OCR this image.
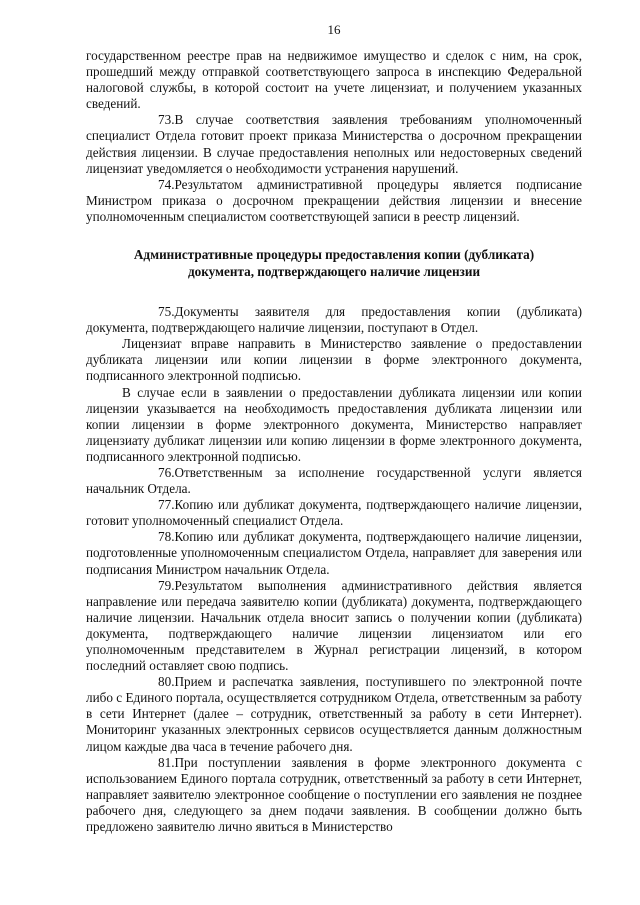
16

государственном реестре прав на недвижимое имущество и сделок с ним, на срок, прошедший между отправкой соответствующего запроса в инспекцию Федеральной налоговой службы, в которой состоит на учете лицензиат, и получением указанных сведений.

73.В случае соответствия заявления требованиям уполномоченный специалист Отдела готовит проект приказа Министерства о досрочном прекращении действия лицензии. В случае предоставления неполных или недостоверных сведений лицензиат уведомляется о необходимости устранения нарушений.

74.Результатом административной процедуры является подписание Министром приказа о досрочном прекращении действия лицензии и внесение уполномоченным специалистом соответствующей записи в реестр лицензий.

Административные процедуры предоставления копии (дубликата)
документа, подтверждающего наличие лицензии

75.Документы заявителя для предоставления копии (дубликата) документа, подтверждающего наличие лицензии, поступают в Отдел.

Лицензиат вправе направить в Министерство заявление о предоставлении дубликата лицензии или копии лицензии в форме электронного документа, подписанного электронной подписью.

В случае если в заявлении о предоставлении дубликата лицензии или копии лицензии указывается на необходимость предоставления дубликата лицензии или копии лицензии в форме электронного документа, Министерство направляет лицензиату дубликат лицензии или копию лицензии в форме электронного документа, подписанного электронной подписью.

76.Ответственным за исполнение государственной услуги является начальник Отдела.

77.Копию или дубликат документа, подтверждающего наличие лицензии, готовит уполномоченный специалист Отдела.

78.Копию или дубликат документа, подтверждающего наличие лицензии, подготовленные уполномоченным специалистом Отдела, направляет для заверения или подписания Министром начальник Отдела.

79.Результатом выполнения административного действия является направление или передача заявителю копии (дубликата) документа, подтверждающего наличие лицензии. Начальник отдела вносит запись о получении копии (дубликата) документа, подтверждающего наличие лицензии лицензиатом или его уполномоченным представителем в Журнал регистрации лицензий, в котором последний оставляет свою подпись.

80.Прием и распечатка заявления, поступившего по электронной почте либо с Единого портала, осуществляется сотрудником Отдела, ответственным за работу в сети Интернет (далее – сотрудник, ответственный за работу в сети Интернет). Мониторинг указанных электронных сервисов осуществляется данным должностным лицом каждые два часа в течение рабочего дня.

81.При поступлении заявления в форме электронного документа с использованием Единого портала сотрудник, ответственный за работу в сети Интернет, направляет заявителю электронное сообщение о поступлении его заявления не позднее рабочего дня, следующего за днем подачи заявления. В сообщении должно быть предложено заявителю лично явиться в Министерство
